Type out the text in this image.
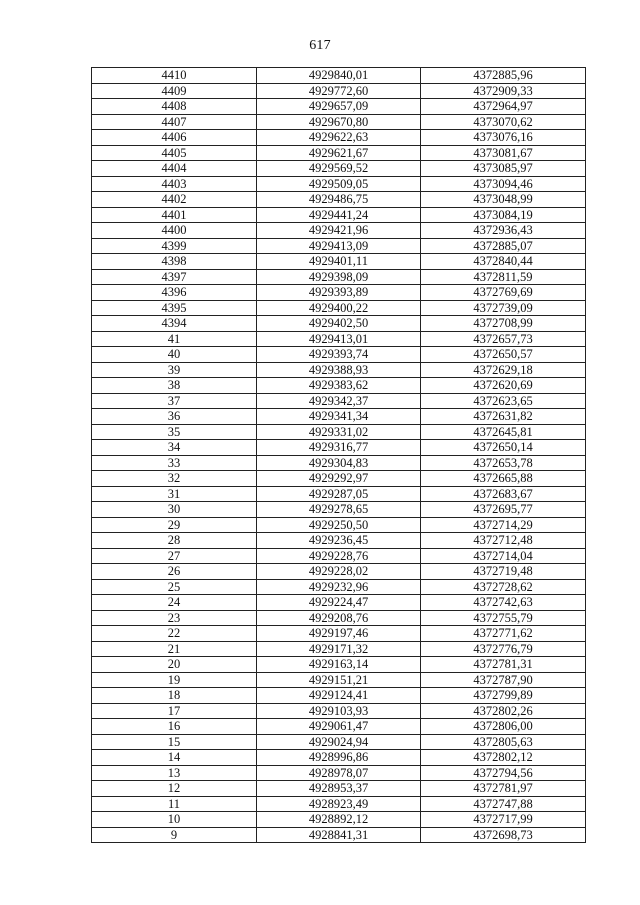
617
4410	4929840,01	4372885,96
4409	4929772,60	4372909,33
4408	4929657,09	4372964,97
4407	4929670,80	4373070,62
4406	4929622,63	4373076,16
4405	4929621,67	4373081,67
4404	4929569,52	4373085,97
4403	4929509,05	4373094,46
4402	4929486,75	4373048,99
4401	4929441,24	4373084,19
4400	4929421,96	4372936,43
4399	4929413,09	4372885,07
4398	4929401,11	4372840,44
4397	4929398,09	4372811,59
4396	4929393,89	4372769,69
4395	4929400,22	4372739,09
4394	4929402,50	4372708,99
41	4929413,01	4372657,73
40	4929393,74	4372650,57
39	4929388,93	4372629,18
38	4929383,62	4372620,69
37	4929342,37	4372623,65
36	4929341,34	4372631,82
35	4929331,02	4372645,81
34	4929316,77	4372650,14
33	4929304,83	4372653,78
32	4929292,97	4372665,88
31	4929287,05	4372683,67
30	4929278,65	4372695,77
29	4929250,50	4372714,29
28	4929236,45	4372712,48
27	4929228,76	4372714,04
26	4929228,02	4372719,48
25	4929232,96	4372728,62
24	4929224,47	4372742,63
23	4929208,76	4372755,79
22	4929197,46	4372771,62
21	4929171,32	4372776,79
20	4929163,14	4372781,31
19	4929151,21	4372787,90
18	4929124,41	4372799,89
17	4929103,93	4372802,26
16	4929061,47	4372806,00
15	4929024,94	4372805,63
14	4928996,86	4372802,12
13	4928978,07	4372794,56
12	4928953,37	4372781,97
11	4928923,49	4372747,88
10	4928892,12	4372717,99
9	4928841,31	4372698,73
